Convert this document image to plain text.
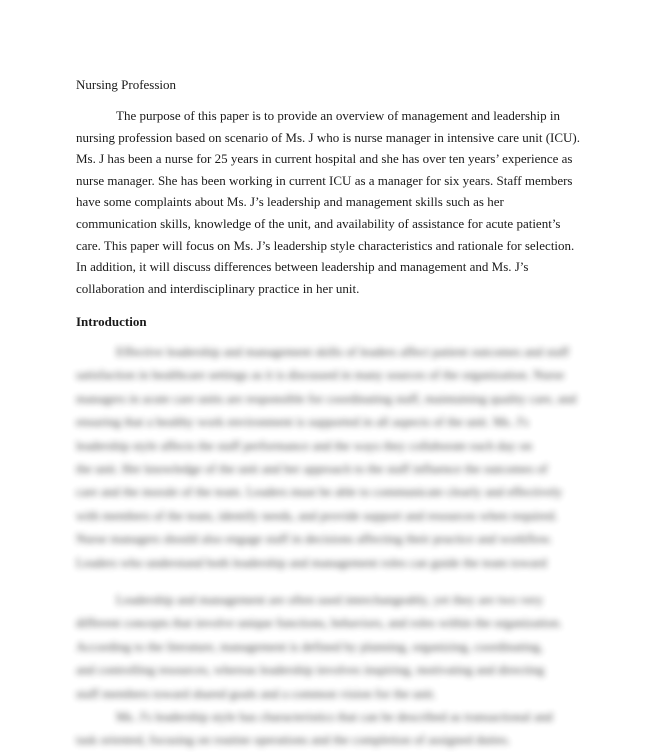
Nursing Profession

The purpose of this paper is to provide an overview of management and leadership in
nursing profession based on scenario of Ms. J who is nurse manager in intensive care unit (ICU).
Ms. J has been a nurse for 25 years in current hospital and she has over ten years’ experience as
nurse manager. She has been working in current ICU as a manager for six years. Staff members
have some complaints about Ms. J’s leadership and management skills such as her
communication skills, knowledge of the unit, and availability of assistance for acute patient’s
care. This paper will focus on Ms. J’s leadership style characteristics and rationale for selection.
In addition, it will discuss differences between leadership and management and Ms. J’s
collaboration and interdisciplinary practice in her unit.

Introduction
Effective leadership and management skills of leaders affect patient outcomes and staff
satisfaction in healthcare settings as it is discussed in many sources of the organization. Nurse
managers in acute care units are responsible for coordinating staff, maintaining quality care, and
ensuring that a healthy work environment is supported in all aspects of the unit. Ms. J's
leadership style affects the staff performance and the ways they collaborate each day on
the unit. Her knowledge of the unit and her approach to the staff influence the outcomes of
care and the morale of the team. Leaders must be able to communicate clearly and effectively
with members of the team, identify needs, and provide support and resources when required.
Nurse managers should also engage staff in decisions affecting their practice and workflow.
Leaders who understand both leadership and management roles can guide the team toward
Leadership and management are often used interchangeably, yet they are two very
different concepts that involve unique functions, behaviors, and roles within the organization.
According to the literature, management is defined by planning, organizing, coordinating,
and controlling resources, whereas leadership involves inspiring, motivating and directing
staff members toward shared goals and a common vision for the unit.
Ms. J's leadership style has characteristics that can be described as transactional and
task oriented, focusing on routine operations and the completion of assigned duties.
